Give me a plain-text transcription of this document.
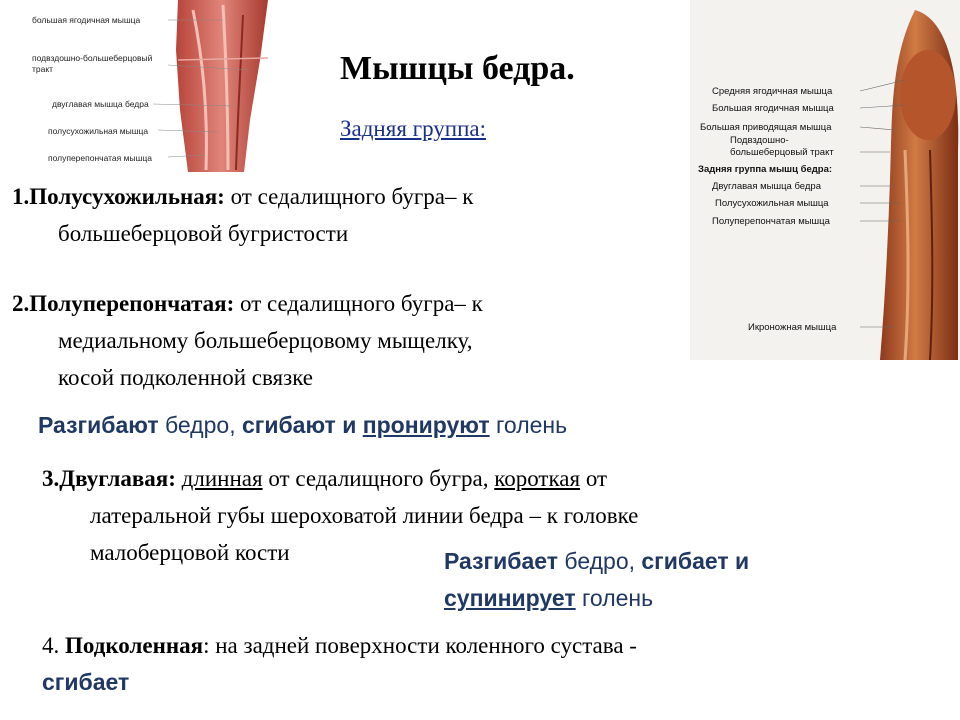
большая ягодичная мышца
подвздошно-большеберцовый
тракт
двуглавая мышца бедра
полусухожильная мышца
полуперепончатая мышца
Средняя ягодичная мышца
Большая ягодичная мышца
Большая приводящая мышца
Подвздошно-
большеберцовый тракт
Задняя группа мышц бедра:
Двуглавая мышца бедра
Полусухожильная мышца
Полуперепончатая мышца
Икроножная мышца
Мышцы бедра.
Задняя группа:
1.Полусухожильная: от седалищного бугра– к
большеберцовой бугристости
2.Полуперепончатая: от седалищного бугра– к
медиальному большеберцовому мыщелку,
косой подколенной связке
Разгибают бедро, сгибают и пронируют голень
3.Двуглавая: длинная от седалищного бугра, короткая от
латеральной губы шероховатой линии бедра – к головке
малоберцовой кости	Разгибает бедро, сгибает и
супинирует голень
4. Подколенная: на задней поверхности коленного сустава -
сгибает
